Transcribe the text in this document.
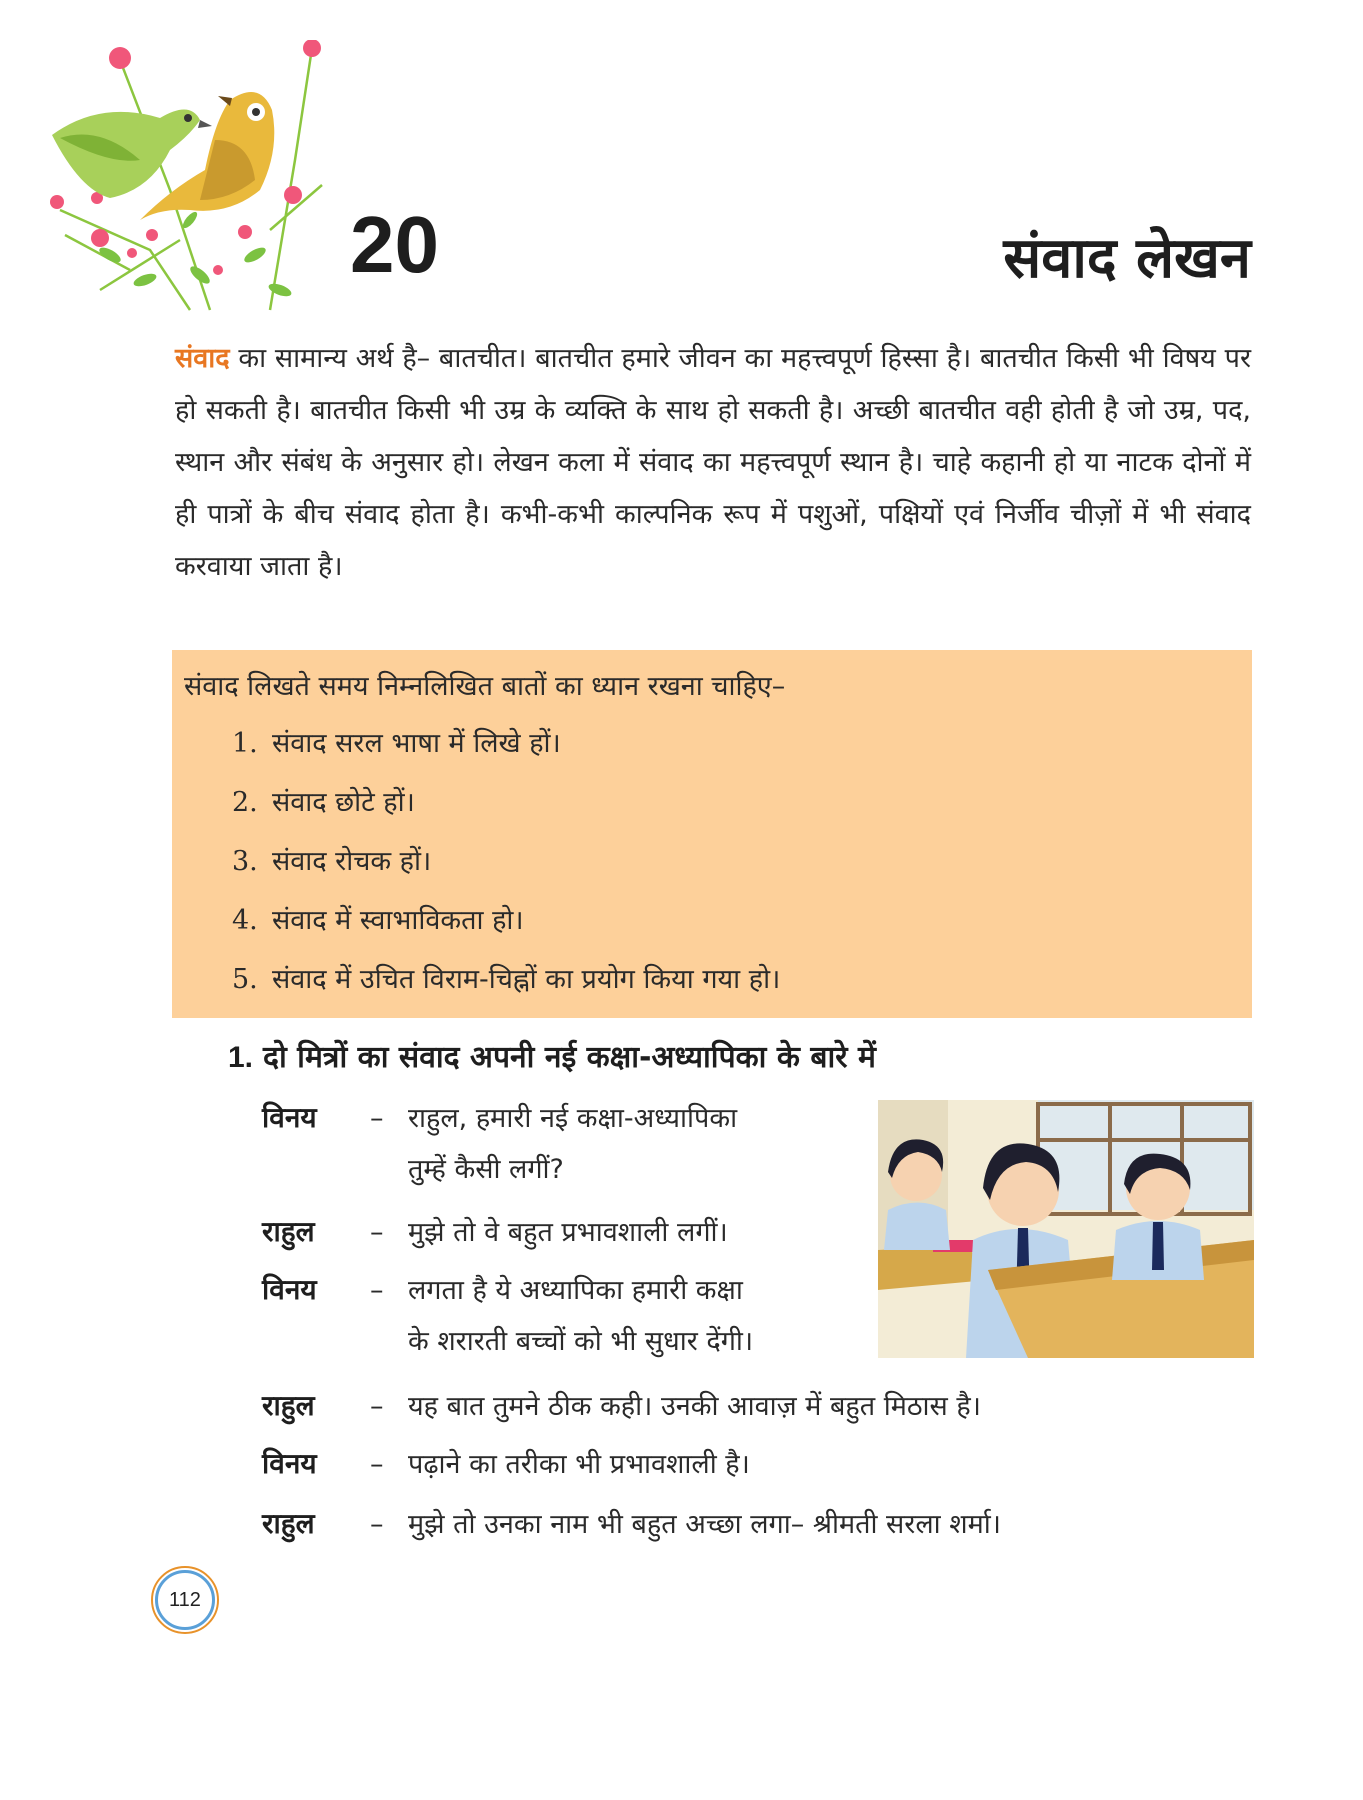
20	संवाद लेखन

संवाद का सामान्य अर्थ है– बातचीत। बातचीत हमारे जीवन का महत्त्वपूर्ण हिस्सा है। बातचीत किसी भी विषय पर हो सकती है। बातचीत किसी भी उम्र के व्यक्ति के साथ हो सकती है। अच्छी बातचीत वही होती है जो उम्र, पद, स्थान और संबंध के अनुसार हो। लेखन कला में संवाद का महत्त्वपूर्ण स्थान है। चाहे कहानी हो या नाटक दोनों में ही पात्रों के बीच संवाद होता है। कभी-कभी काल्पनिक रूप में पशुओं, पक्षियों एवं निर्जीव चीज़ों में भी संवाद करवाया जाता है।

संवाद लिखते समय निम्नलिखित बातों का ध्यान रखना चाहिए–

1. संवाद सरल भाषा में लिखे हों।
2. संवाद छोटे हों।
3. संवाद रोचक हों।
4. संवाद में स्वाभाविकता हो।
5. संवाद में उचित विराम-चिह्नों का प्रयोग किया गया हो।
1. दो मित्रों का संवाद अपनी नई कक्षा-अध्यापिका के बारे में
विनय – राहुल, हमारी नई कक्षा-अध्यापिका
तुम्हें कैसी लगीं?
राहुल – मुझे तो वे बहुत प्रभावशाली लगीं।
विनय – लगता है ये अध्यापिका हमारी कक्षा
के शरारती बच्चों को भी सुधार देंगी।
राहुल – यह बात तुमने ठीक कही। उनकी आवाज़ में बहुत मिठास है।
विनय – पढ़ाने का तरीका भी प्रभावशाली है।
राहुल – मुझे तो उनका नाम भी बहुत अच्छा लगा– श्रीमती सरला शर्मा।
112
